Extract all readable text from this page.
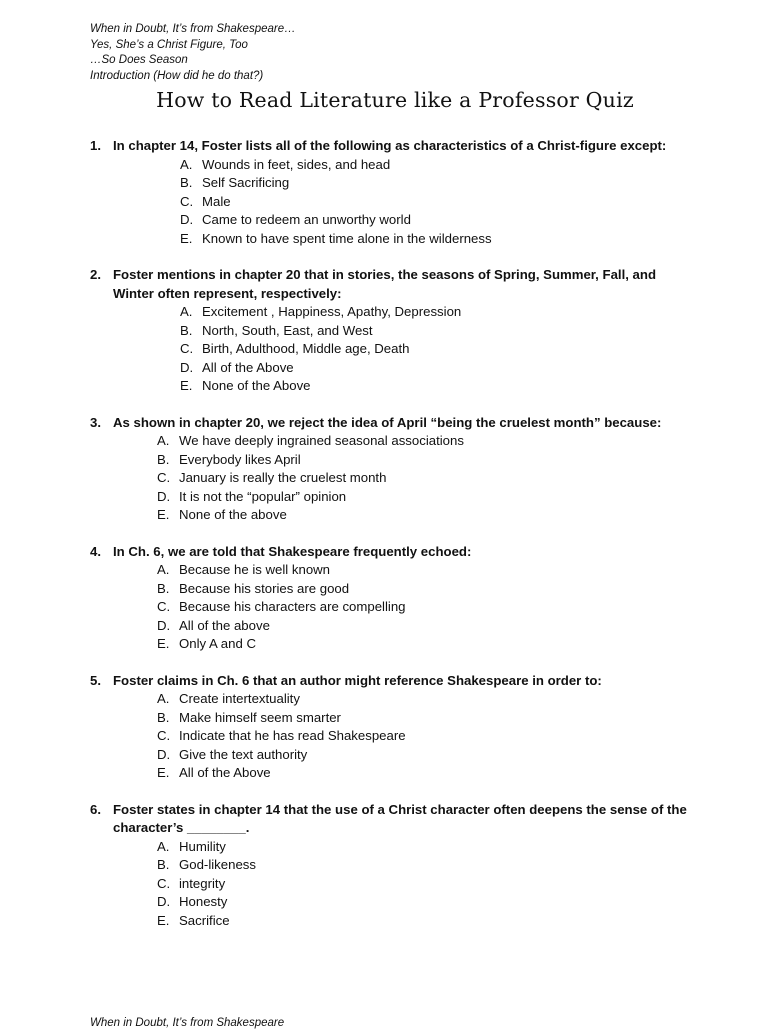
When in Doubt, It’s from Shakespeare…
Yes, She’s a Christ Figure, Too
…So Does Season
Introduction (How did he do that?)
How to Read Literature like a Professor Quiz
1. In chapter 14, Foster lists all of the following as characteristics of a Christ-figure except:
A. Wounds in feet, sides, and head
B. Self Sacrificing
C. Male
D. Came to redeem an unworthy world
E. Known to have spent time alone in the wilderness
2. Foster mentions in chapter 20 that in stories, the seasons of Spring, Summer, Fall, and Winter often represent, respectively:
A. Excitement , Happiness, Apathy, Depression
B. North, South, East, and West
C. Birth, Adulthood, Middle age, Death
D. All of the Above
E. None of the Above
3. As shown in chapter 20, we reject the idea of April “being the cruelest month” because:
A. We have deeply ingrained seasonal associations
B. Everybody likes April
C. January is really the cruelest month
D. It is not the “popular” opinion
E. None of the above
4. In Ch. 6, we are told that Shakespeare frequently echoed:
A. Because he is well known
B. Because his stories are good
C. Because his characters are compelling
D. All of the above
E. Only A and C
5. Foster claims in Ch. 6 that an author might reference Shakespeare in order to:
A. Create intertextuality
B. Make himself seem smarter
C. Indicate that he has read Shakespeare
D. Give the text authority
E. All of the Above
6. Foster states in chapter 14 that the use of a Christ character often deepens the sense of the character’s ________.
A. Humility
B. God-likeness
C. integrity
D. Honesty
E. Sacrifice
When in Doubt, It’s from Shakespeare
